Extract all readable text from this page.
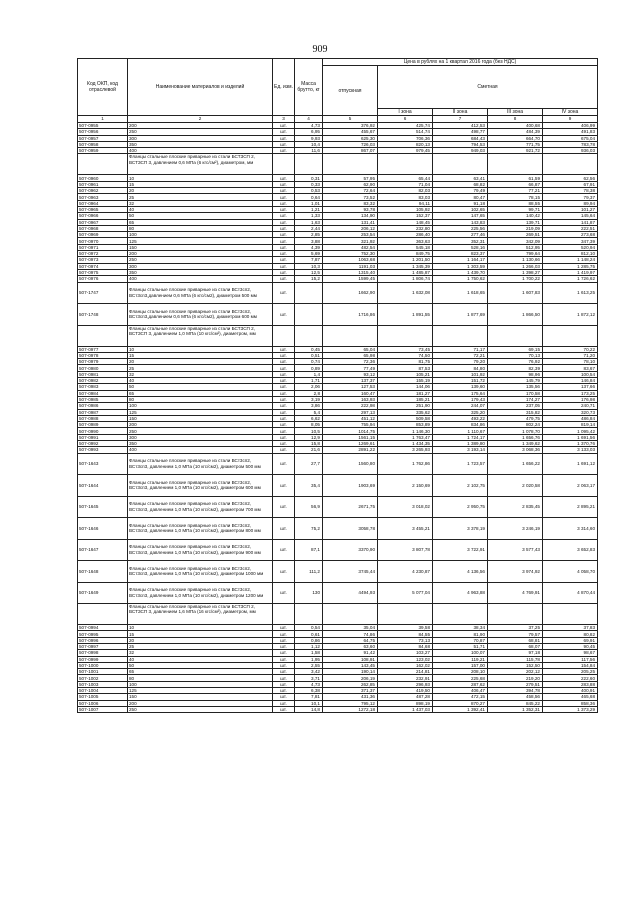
909
Код ОКП, код отраслевой	Наименование материалов и изделий	Ед. изм.	Масса брутто, кг	Цена в рублях на 1 квартал 2016 года (без НДС)				
				отпускная	Сметная			
					I зона	II зона	III зона	IV зона
1	2	3	4	5	6	7	8	9
507-0955	200	шт.	4,73	376,92	425,74	412,53	400,68	406,99
507-0956	250	шт.	6,95	455,67	514,74	498,77	484,39	491,83
507-0957	300	шт.	9,93	625,30	706,36	684,43	664,70	675,04
507-0958	350	шт.	10,4	726,03	820,13	794,53	771,75	783,78
507-0959	400	шт.	11,6	867,07	979,45	949,03	921,72	936,03
	Фланцы стальные плоские приварные из стали БСТЗСП 2, ВСТЗСП 3, давлением 0,6 МПа (6 кгс/см²), диаметром, мм							
507-0960	10	шт.	0,31	57,95	65,44	63,41	61,59	62,56
507-0961	15	шт.	0,33	62,90	71,04	68,82	66,87	67,91
507-0962	20	шт.	0,53	72,64	82,03	79,49	77,21	78,38
507-0963	25	шт.	0,64	73,52	83,03	80,47	78,15	79,37
507-0964	32	шт.	1,01	83,32	94,11	91,18	88,55	89,94
507-0965	40	шт.	1,21	93,78	105,92	102,65	99,71	101,27
507-0966	50	шт.	1,33	134,90	152,37	147,65	140,42	145,64
507-0967	65	шт.	1,63	131,41	148,45	143,83	139,71	141,87
507-0968	80	шт.	2,44	206,12	232,80	225,56	219,09	222,51
507-0969	100	шт.	2,85	253,54	286,40	277,46	269,51	273,68
507-0970	125	шт.	3,88	321,92	363,63	352,31	342,09	347,39
507-0971	150	шт.	4,39	482,54	545,18	528,16	512,95	520,94
507-0972	200	шт.	5,69	752,30	849,75	823,37	799,64	812,10
507-0973	250	шт.	7,87	1063,68	1 201,50	1 164,17	1 130,66	1 148,24
507-0974	300	шт.	10,3	1191,03	1 345,39	1 303,59	1 266,03	1 285,75
507-0975	350	шт.	12,5	1315,40	1 485,87	1 439,70	1 398,27	1 419,97
507-0976	400	шт.	15,2	1599,45	1 806,74	1 750,62	1 700,22	1 726,62
507-1747	Фланцы стальные плоские приварные из стали ВСт3сп2, ВСт3сп3,давлением 0,6 МПа (6 кгс/см2), диаметром 500 мм	шт.		1662,90	1 632,08	1 618,65	1 607,83	1 613,25
507-1748	Фланцы стальные плоские приварные из стали ВСт3сп2, ВСт3сп3,давлением 0,6 МПа (6 кгс/см2), диаметром 600 мм	шт.		1716,86	1 891,55	1 877,69	1 866,50	1 872,12
	Фланцы стальные плоские приварные из стали БСТЗСП 2, ВСТЗСП 3, давлением 1,0 МПа (10 кгс/см²), диаметром, мм							
507-0977	10	шт.	0,45	65,04	73,45	71,17	69,15	70,22
507-0978	15	шт.	0,51	65,98	74,50	72,21	70,13	71,20
507-0979	20	шт.	0,74	72,36	81,75	79,20	76,92	78,10
507-0980	25	шт.	0,89	77,49	87,53	84,80	82,39	83,67
507-0981	32	шт.	1,4	93,12	105,21	101,92	98,96	100,54
507-0982	40	шт.	1,71	137,37	155,19	151,72	145,79	146,84
507-0983	50	шт.	2,06	127,53	144,06	139,60	135,56	137,66
507-0984	65	шт.	2,8	160,47	181,27	175,64	170,58	173,25
507-0985	80	шт.	3,19	163,93	185,21	179,43	174,27	176,98
507-0986	100	шт.	3,86	222,98	251,90	244,07	237,05	240,71
507-0987	125	шт.	5,4	297,13	335,62	325,20	315,82	320,73
507-0988	150	шт.	6,62	451,12	509,58	493,22	479,75	486,84
507-0989	200	шт.	8,05	755,94	853,89	834,86	802,24	819,14
507-0990	250	шт.	10,5	1014,75	1 146,30	1 110,67	1 078,70	1 095,42
507-0991	300	шт.	12,9	1561,15	1 763,47	1 724,17	1 656,76	1 691,56
507-0992	350	шт.	15,8	1269,61	1 434,35	1 389,80	1 349,62	1 370,76
507-0993	400	шт.	21,6	2891,22	3 265,93	3 193,14	3 068,36	3 133,03
507-1643	Фланцы стальные плоские приварные из стали ВСт3сп2, ВСт3сп3, давлением 1,0 МПа (10 кгс/см2), диаметром 500 мм	шт.	27,7	1560,80	1 762,86	1 723,57	1 656,22	1 691,12
507-1644	Фланцы стальные плоские приварные из стали ВСт3сп2, ВСт3сп3, давлением 1,0 МПа (10 кгс/см2), диаметром 600 мм	шт.	35,4	1903,69	2 150,69	2 102,75	2 020,58	2 063,17
507-1645	Фланцы стальные плоские приварные из стали ВСт3сп2, ВСт3сп3, давлением 1,0 МПа (10 кгс/см2), диаметром 700 мм	шт.	56,9	2671,75	3 018,02	2 950,75	2 835,45	2 895,21
507-1646	Фланцы стальные плоские приварные из стали ВСт3сп2, ВСт3сп3, давлением 1,0 МПа (10 кгс/см2), диаметром 800 мм	шт.	75,2	3058,78	3 455,21	3 378,19	3 246,19	3 314,60
507-1647	Фланцы стальные плоские приварные из стали ВСт3сп2, ВСт3сп3, давлением 1,0 МПа (10 кгс/см2), диаметром 900 мм	шт.	87,1	3370,90	3 807,78	3 722,91	3 577,43	3 652,83
507-1648	Фланцы стальные плоские приварные из стали ВСт3сп2, ВСт3сп3, давлением 1,0 МПа (10 кгс/см2), диаметром 1000 мм	шт.	111,2	3745,44	4 230,87	4 136,56	3 974,92	4 058,70
507-1649	Фланцы стальные плоские приварные из стали ВСт3сп2, ВСт3сп3, давлением 1,0 МПа (10 кгс/см2), диаметром 1200 мм	шт.	130	4494,93	5 077,04	4 963,88	4 769,91	4 870,44
	Фланцы стальные плоские приварные из стали БСТЗСП 2, ВСТЗСП 3, давлением 1,6 МПа (16 кгс/см²), диаметром, мм							
507-0994	10	шт.	0,54	35,04	39,58	38,34	37,25	37,83
507-0995	15	шт.	0,61	74,86	84,55	81,90	79,57	80,82
507-0996	20	шт.	0,86	64,75	73,13	70,87	68,81	69,91
507-0997	25	шт.	1,12	63,60	84,68	51,71	68,07	90,45
507-0998	32	шт.	1,58	91,42	103,27	100,07	97,18	98,67
507-0999	40	шт.	1,95	108,91	123,02	119,21	115,78	117,56
507-1000	50	шт.	2,55	143,45	162,02	157,00	152,50	154,84
507-1001	65	шт.	3,42	190,14	214,81	208,10	202,12	205,25
507-1002	80	шт.	3,71	206,19	232,91	225,68	219,20	222,60
507-1003	100	шт.	4,73	262,85	296,93	287,62	279,51	283,88
507-1004	125	шт.	6,38	371,37	419,50	406,47	394,78	400,91
507-1005	150	шт.	7,81	431,36	487,28	472,15	458,56	465,68
507-1006	200	шт.	10,1	795,12	898,19	870,27	845,22	858,36
507-1007	250	шт.	14,8	1272,18	1 437,03	1 392,41	1 352,31	1 373,29
